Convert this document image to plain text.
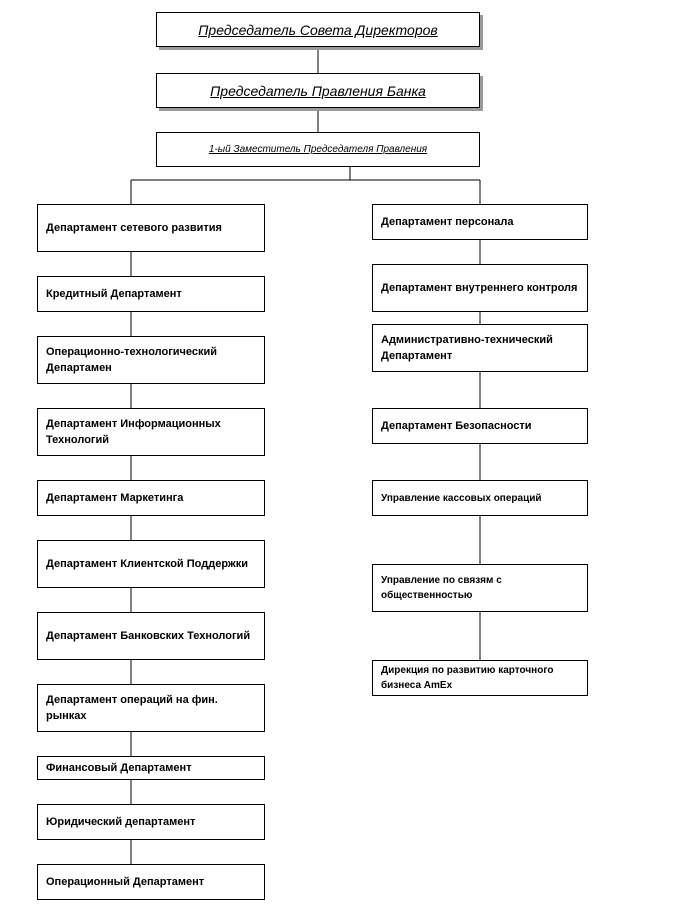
Председатель Совета Директоров
Председатель Правления Банка
1-ый Заместитель Председателя Правления
Департамент сетевого развития
Кредитный Департамент
Операционно-технологический Департамен
Департамент Информационных Технологий
Департамент Маркетинга
Департамент Клиентской Поддержки
Департамент Банковских Технологий
Департамент операций на фин. рынках
Финансовый Департамент
Юридический департамент
Операционный Департамент
Департамент персонала
Департамент внутреннего контроля
Административно-технический Департамент
Департамент Безопасности
Управление кассовых операций
Управление по связям с общественностью
Дирекция по развитию карточного бизнеса AmEx
